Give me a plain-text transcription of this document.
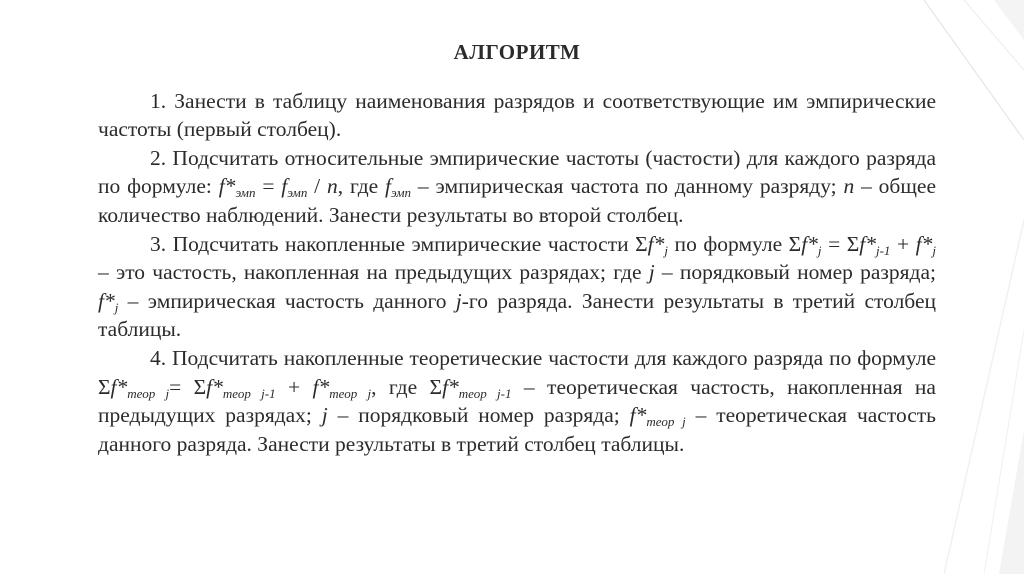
АЛГОРИТМ

1. Занести в таблицу наименования разрядов и соответствующие им эмпирические частоты (первый столбец).

2. Подсчитать относительные эмпирические частоты (частости) для каждого разряда по формуле: $f*_{эмп} = f_{эмп} / n$, где $f_{эмп}$ – эмпирическая частота по данному разряду; n – общее количество наблюдений. Занести результаты во второй столбец.

3. Подсчитать накопленные эмпирические частости $\Sigma f*_j$ по формуле $\Sigma f*_j = \Sigma f*_{j-1} + f*_j$ – это частость, накопленная на предыдущих разрядах; где j – порядковый номер разряда; $f*_j$ – эмпирическая частость данного j-го разряда. Занести результаты в третий столбец таблицы.

4. Подсчитать накопленные теоретические частости для каждого разряда по формуле $\Sigma f*_{теор j}= \Sigma f*_{теор j-1} + f*_{теор j}$, где $\Sigma f*_{теор j-1}$ – теоретическая частость, накопленная на предыдущих разрядах; j – порядковый номер разряда; $f*_{теор j}$ – теоретическая частость данного разряда. Занести результаты в третий столбец таблицы.
